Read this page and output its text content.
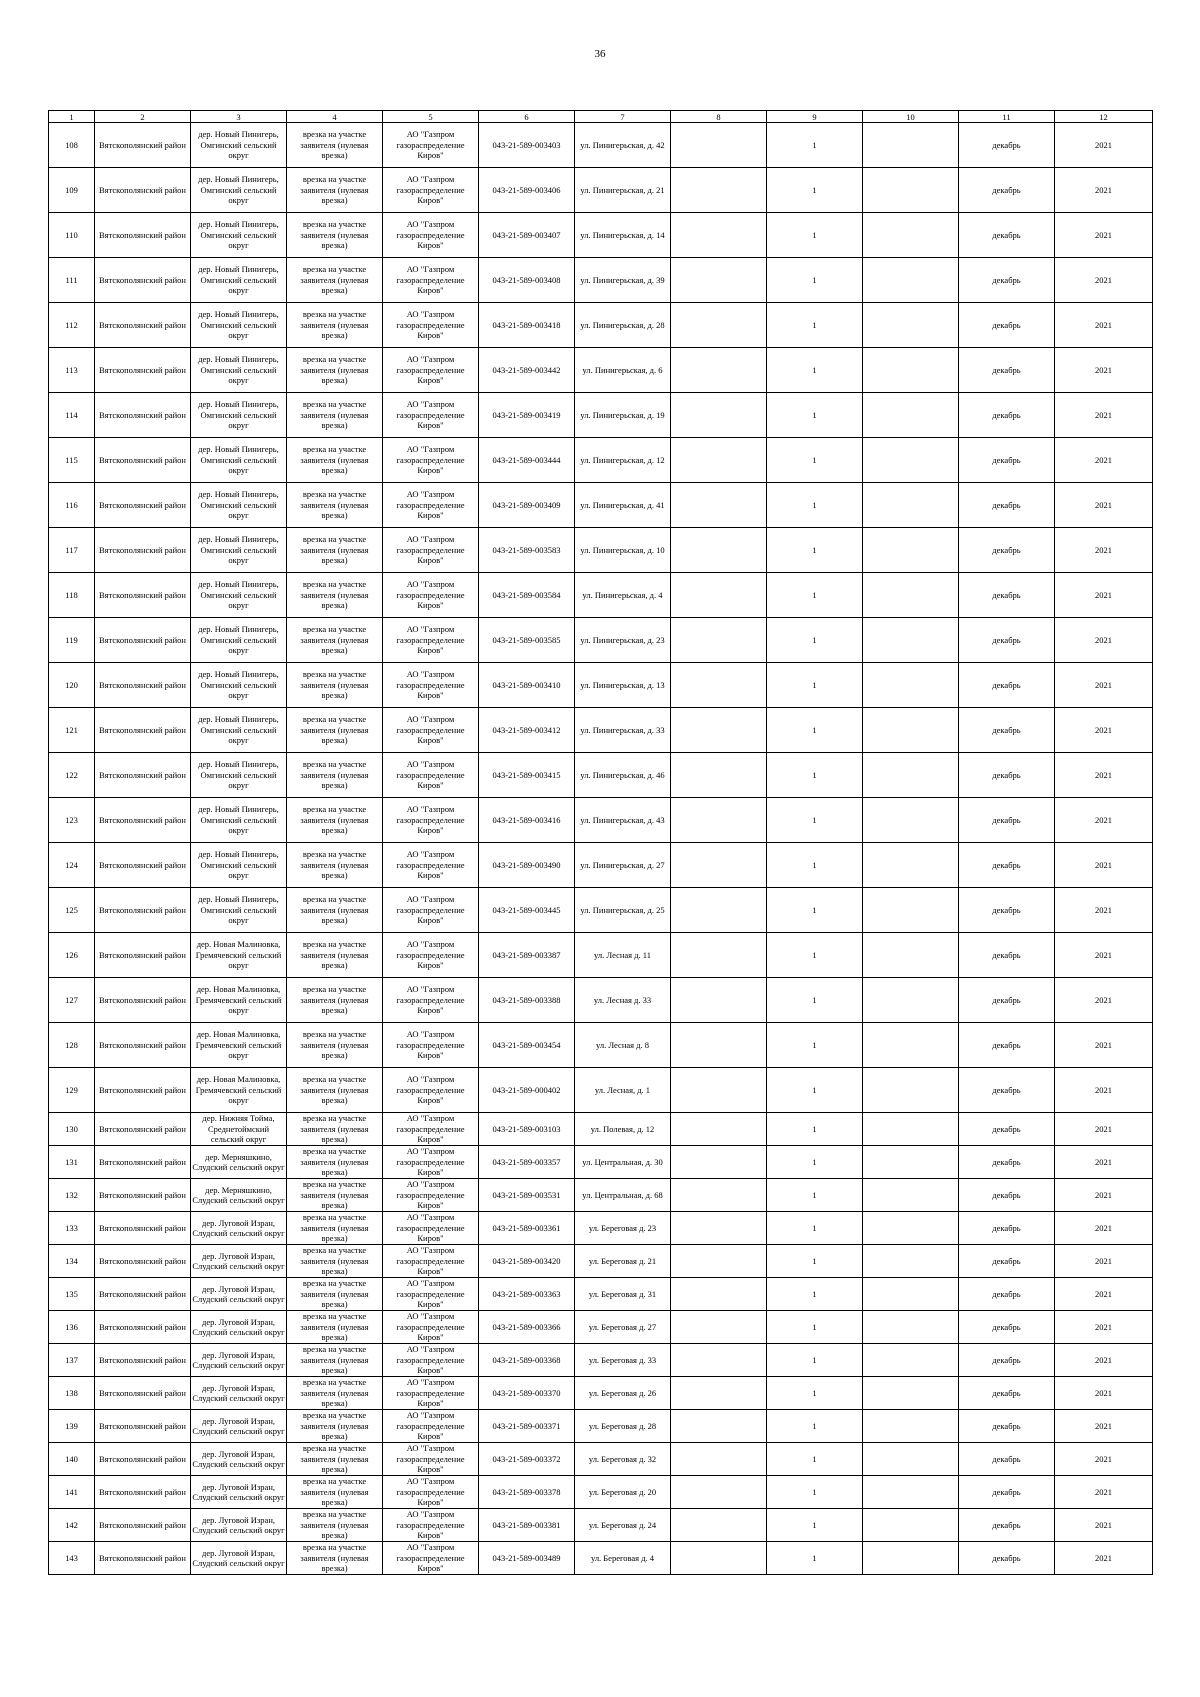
36
1	2	3	4	5	6	7	8	9	10	11	12
108	Вятскополянский район	дер. Новый Пинигерь, Омгинский сельский округ	врезка на участке заявителя (нулевая врезка)	АО "Газпром газораспределение Киров"	043-21-589-003403	ул. Пинигерьская, д. 42		1		декабрь	2021
109	Вятскополянский район	дер. Новый Пинигерь, Омгинский сельский округ	врезка на участке заявителя (нулевая врезка)	АО "Газпром газораспределение Киров"	043-21-589-003406	ул. Пинигерьская, д. 21		1		декабрь	2021
110	Вятскополянский район	дер. Новый Пинигерь, Омгинский сельский округ	врезка на участке заявителя (нулевая врезка)	АО "Газпром газораспределение Киров"	043-21-589-003407	ул. Пинигерьская, д. 14		1		декабрь	2021
111	Вятскополянский район	дер. Новый Пинигерь, Омгинский сельский округ	врезка на участке заявителя (нулевая врезка)	АО "Газпром газораспределение Киров"	043-21-589-003408	ул. Пинигерьская, д. 39		1		декабрь	2021
112	Вятскополянский район	дер. Новый Пинигерь, Омгинский сельский округ	врезка на участке заявителя (нулевая врезка)	АО "Газпром газораспределение Киров"	043-21-589-003418	ул. Пинигерьская, д. 28		1		декабрь	2021
113	Вятскополянский район	дер. Новый Пинигерь, Омгинский сельский округ	врезка на участке заявителя (нулевая врезка)	АО "Газпром газораспределение Киров"	043-21-589-003442	ул. Пинигерьская, д. 6		1		декабрь	2021
114	Вятскополянский район	дер. Новый Пинигерь, Омгинский сельский округ	врезка на участке заявителя (нулевая врезка)	АО "Газпром газораспределение Киров"	043-21-589-003419	ул. Пинигерьская, д. 19		1		декабрь	2021
115	Вятскополянский район	дер. Новый Пинигерь, Омгинский сельский округ	врезка на участке заявителя (нулевая врезка)	АО "Газпром газораспределение Киров"	043-21-589-003444	ул. Пинигерьская, д. 12		1		декабрь	2021
116	Вятскополянский район	дер. Новый Пинигерь, Омгинский сельский округ	врезка на участке заявителя (нулевая врезка)	АО "Газпром газораспределение Киров"	043-21-589-003409	ул. Пинигерьская, д. 41		1		декабрь	2021
117	Вятскополянский район	дер. Новый Пинигерь, Омгинский сельский округ	врезка на участке заявителя (нулевая врезка)	АО "Газпром газораспределение Киров"	043-21-589-003583	ул. Пинигерьская, д. 10		1		декабрь	2021
118	Вятскополянский район	дер. Новый Пинигерь, Омгинский сельский округ	врезка на участке заявителя (нулевая врезка)	АО "Газпром газораспределение Киров"	043-21-589-003584	ул. Пинигерьская, д. 4		1		декабрь	2021
119	Вятскополянский район	дер. Новый Пинигерь, Омгинский сельский округ	врезка на участке заявителя (нулевая врезка)	АО "Газпром газораспределение Киров"	043-21-589-003585	ул. Пинигерьская, д. 23		1		декабрь	2021
120	Вятскополянский район	дер. Новый Пинигерь, Омгинский сельский округ	врезка на участке заявителя (нулевая врезка)	АО "Газпром газораспределение Киров"	043-21-589-003410	ул. Пинигерьская, д. 13		1		декабрь	2021
121	Вятскополянский район	дер. Новый Пинигерь, Омгинский сельский округ	врезка на участке заявителя (нулевая врезка)	АО "Газпром газораспределение Киров"	043-21-589-003412	ул. Пинигерьская, д. 33		1		декабрь	2021
122	Вятскополянский район	дер. Новый Пинигерь, Омгинский сельский округ	врезка на участке заявителя (нулевая врезка)	АО "Газпром газораспределение Киров"	043-21-589-003415	ул. Пинигерьская, д. 46		1		декабрь	2021
123	Вятскополянский район	дер. Новый Пинигерь, Омгинский сельский округ	врезка на участке заявителя (нулевая врезка)	АО "Газпром газораспределение Киров"	043-21-589-003416	ул. Пинигерьская, д. 43		1		декабрь	2021
124	Вятскополянский район	дер. Новый Пинигерь, Омгинский сельский округ	врезка на участке заявителя (нулевая врезка)	АО "Газпром газораспределение Киров"	043-21-589-003490	ул. Пинигерьская, д. 27		1		декабрь	2021
125	Вятскополянский район	дер. Новый Пинигерь, Омгинский сельский округ	врезка на участке заявителя (нулевая врезка)	АО "Газпром газораспределение Киров"	043-21-589-003445	ул. Пинигерьская, д. 25		1		декабрь	2021
126	Вятскополянский район	дер. Новая Малиновка, Гремячевский сельский округ	врезка на участке заявителя (нулевая врезка)	АО "Газпром газораспределение Киров"	043-21-589-003387	ул. Лесная д. 11		1		декабрь	2021
127	Вятскополянский район	дер. Новая Малиновка, Гремячевский сельский округ	врезка на участке заявителя (нулевая врезка)	АО "Газпром газораспределение Киров"	043-21-589-003388	ул. Лесная д. 33		1		декабрь	2021
128	Вятскополянский район	дер. Новая Малиновка, Гремячевский сельский округ	врезка на участке заявителя (нулевая врезка)	АО "Газпром газораспределение Киров"	043-21-589-003454	ул. Лесная д. 8		1		декабрь	2021
129	Вятскополянский район	дер. Новая Малиновка, Гремячевский сельский округ	врезка на участке заявителя (нулевая врезка)	АО "Газпром газораспределение Киров"	043-21-589-000402	ул. Лесная, д. 1		1		декабрь	2021

130	Вятскополянский район	дер. Нижняя Тойма, Среднетоймский сельский округ	врезка на участке заявителя (нулевая врезка)	АО "Газпром газораспределение Киров"	043-21-589-003103	ул. Полевая, д. 12		1		декабрь	2021

131	Вятскополянский район	дер. Мерняшкино, Слудский сельский округ	врезка на участке заявителя (нулевая врезка)	АО "Газпром газораспределение Киров"	043-21-589-003357	ул. Центральная, д. 30		1		декабрь	2021

132	Вятскополянский район	дер. Мерняшкино, Слудский сельский округ	врезка на участке заявителя (нулевая врезка)	АО "Газпром газораспределение Киров"	043-21-589-003531	ул. Центральная, д. 68		1		декабрь	2021

133	Вятскополянский район	дер. Луговой Изран, Слудский сельский округ	врезка на участке заявителя (нулевая врезка)	АО "Газпром газораспределение Киров"	043-21-589-003361	ул. Береговая д. 23		1		декабрь	2021

134	Вятскополянский район	дер. Луговой Изран, Слудский сельский округ	врезка на участке заявителя (нулевая врезка)	АО "Газпром газораспределение Киров"	043-21-589-003420	ул. Береговая д. 21		1		декабрь	2021

135	Вятскополянский район	дер. Луговой Изран, Слудский сельский округ	врезка на участке заявителя (нулевая врезка)	АО "Газпром газораспределение Киров"	043-21-589-003363	ул. Береговая д. 31		1		декабрь	2021

136	Вятскополянский район	дер. Луговой Изран, Слудский сельский округ	врезка на участке заявителя (нулевая врезка)	АО "Газпром газораспределение Киров"	043-21-589-003366	ул. Береговая д. 27		1		декабрь	2021

137	Вятскополянский район	дер. Луговой Изран, Слудский сельский округ	врезка на участке заявителя (нулевая врезка)	АО "Газпром газораспределение Киров"	043-21-589-003368	ул. Береговая д. 33		1		декабрь	2021

138	Вятскополянский район	дер. Луговой Изран, Слудский сельский округ	врезка на участке заявителя (нулевая врезка)	АО "Газпром газораспределение Киров"	043-21-589-003370	ул. Береговая д. 26		1		декабрь	2021

139	Вятскополянский район	дер. Луговой Изран, Слудский сельский округ	врезка на участке заявителя (нулевая врезка)	АО "Газпром газораспределение Киров"	043-21-589-003371	ул. Береговая д. 28		1		декабрь	2021

140	Вятскополянский район	дер. Луговой Изран, Слудский сельский округ	врезка на участке заявителя (нулевая врезка)	АО "Газпром газораспределение Киров"	043-21-589-003372	ул. Береговая д. 32		1		декабрь	2021

141	Вятскополянский район	дер. Луговой Изран, Слудский сельский округ	врезка на участке заявителя (нулевая врезка)	АО "Газпром газораспределение Киров"	043-21-589-003378	ул. Береговая д. 20		1		декабрь	2021

142	Вятскополянский район	дер. Луговой Изран, Слудский сельский округ	врезка на участке заявителя (нулевая врезка)	АО "Газпром газораспределение Киров"	043-21-589-003381	ул. Береговая д. 24		1		декабрь	2021

143	Вятскополянский район	дер. Луговой Изран, Слудский сельский округ	врезка на участке заявителя (нулевая врезка)	АО "Газпром газораспределение Киров"	043-21-589-003489	ул. Береговая д. 4		1		декабрь	2021
